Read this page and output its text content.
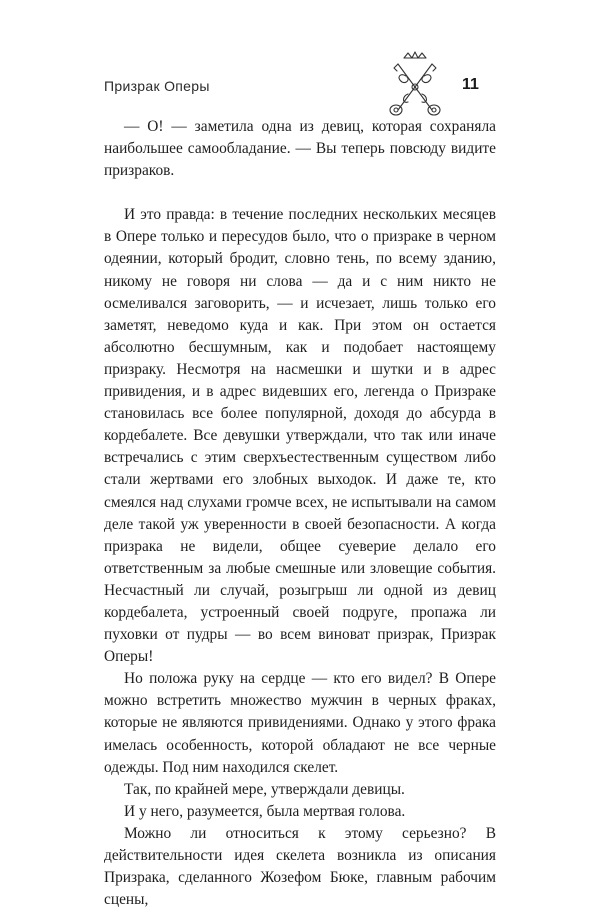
Призрак Оперы	11

— О! — заметила одна из девиц, которая сохраняла наибольшее самообладание. — Вы теперь повсюду видите призраков.

И это правда: в течение последних нескольких месяцев в Опере только и пересудов было, что о призраке в черном одеянии, который бродит, словно тень, по всему зданию, никому не говоря ни слова — да и с ним никто не осмеливался заговорить, — и исчезает, лишь только его заметят, неведомо куда и как. При этом он остается абсолютно бесшумным, как и подобает настоящему призраку. Несмотря на насмешки и шутки и в адрес привидения, и в адрес видевших его, легенда о Призраке становилась все более популярной, доходя до абсурда в кордебалете. Все девушки утверждали, что так или иначе встречались с этим сверхъестественным существом либо стали жертвами его злобных выходок. И даже те, кто смеялся над слухами громче всех, не испытывали на самом деле такой уж уверенности в своей безопасности. А когда призрака не видели, общее суеверие делало его ответственным за любые смешные или зловещие события. Несчастный ли случай, розыгрыш ли одной из девиц кордебалета, устроенный своей подруге, пропажа ли пуховки от пудры — во всем виноват призрак, Призрак Оперы!

Но положа руку на сердце — кто его видел? В Опере можно встретить множество мужчин в черных фраках, которые не являются привидениями. Однако у этого фрака имелась особенность, которой обладают не все черные одежды. Под ним находился скелет.

Так, по крайней мере, утверждали девицы.

И у него, разумеется, была мертвая голова.

Можно ли относиться к этому серьезно? В действительности идея скелета возникла из описания Призрака, сделанного Жозефом Бюке, главным рабочим сцены,
